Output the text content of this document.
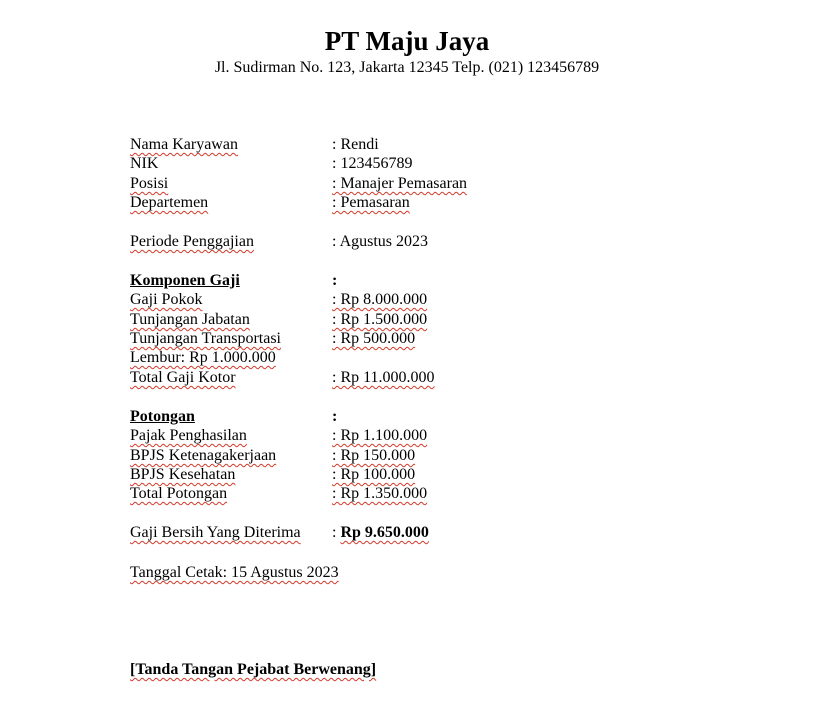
PT Maju Jaya
Jl. Sudirman No. 123, Jakarta 12345 Telp. (021) 123456789
Nama Karyawan	: Rendi
NIK	: 123456789
Posisi	: Manajer Pemasaran
Departemen	: Pemasaran
Periode Penggajian	: Agustus 2023
Komponen Gaji	:
Gaji Pokok	: Rp 8.000.000
Tunjangan Jabatan	: Rp 1.500.000
Tunjangan Transportasi	: Rp 500.000
Lembur: Rp 1.000.000
Total Gaji Kotor	: Rp 11.000.000
Potongan	:
Pajak Penghasilan	: Rp 1.100.000
BPJS Ketenagakerjaan	: Rp 150.000
BPJS Kesehatan	: Rp 100.000
Total Potongan	: Rp 1.350.000
Gaji Bersih Yang Diterima : Rp 9.650.000
Tanggal Cetak: 15 Agustus 2023
[Tanda Tangan Pejabat Berwenang]
